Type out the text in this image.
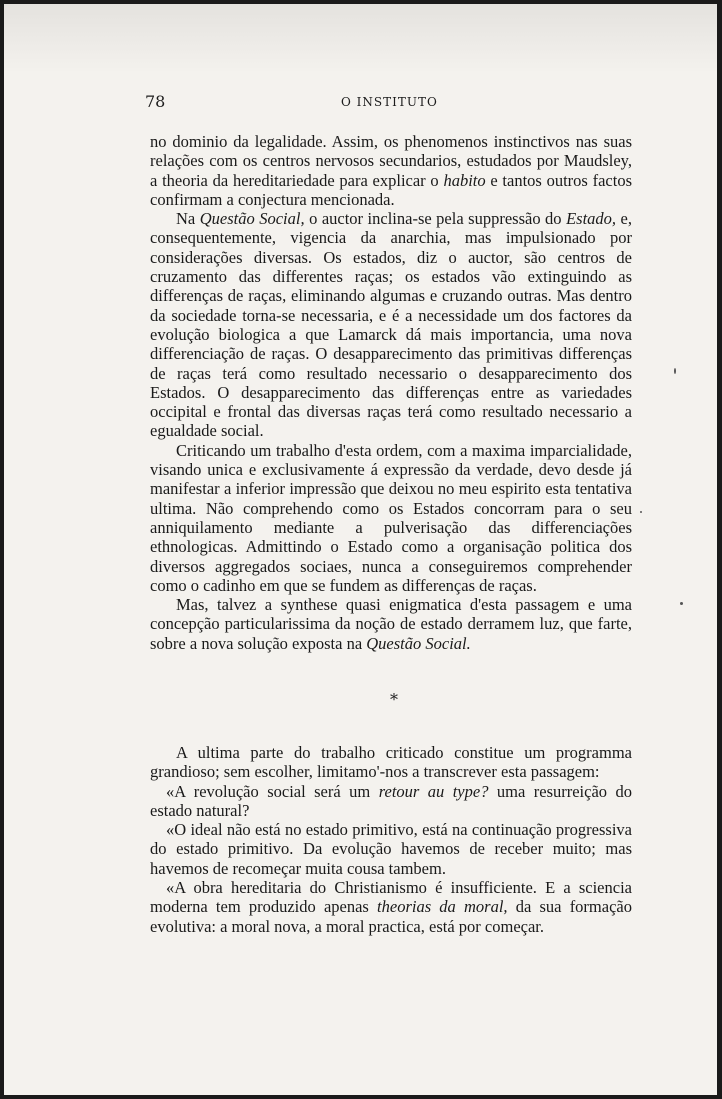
78	O INSTITUTO

no dominio da legalidade. Assim, os phenomenos instinctivos nas suas relações com os centros nervosos secundarios, estudados por Maudsley, a theoria da hereditariedade para explicar o habito e tantos outros factos confirmam a conjectura mencionada.

Na Questão Social, o auctor inclina-se pela suppressão do Estado, e, consequentemente, vigencia da anarchia, mas impulsionado por considerações diversas. Os estados, diz o auctor, são centros de cruzamento das differentes raças; os estados vão extinguindo as differenças de raças, eliminando algumas e cruzando outras. Mas dentro da sociedade torna-se necessaria, e é a necessidade um dos factores da evolução biologica a que Lamarck dá mais importancia, uma nova differenciação de raças. O desapparecimento das primitivas differenças de raças terá como resultado necessario o desapparecimento dos Estados. O desapparecimento das differenças entre as variedades occipital e frontal das diversas raças terá como resultado necessario a egualdade social.

Criticando um trabalho d'esta ordem, com a maxima imparcialidade, visando unica e exclusivamente á expressão da verdade, devo desde já manifestar a inferior impressão que deixou no meu espirito esta tentativa ultima. Não comprehendo como os Estados concorram para o seu anniquilamento mediante a pulverisação das differenciações ethnologicas. Admittindo o Estado como a organisação politica dos diversos aggregados sociaes, nunca a conseguiremos comprehender como o cadinho em que se fundem as differenças de raças.

Mas, talvez a synthese quasi enigmatica d'esta passagem e uma concepção particularissima da noção de estado derramem luz, que farte, sobre a nova solução exposta na Questão Social.

*

A ultima parte do trabalho criticado constitue um programma grandioso; sem escolher, limitamo'-nos a transcrever esta passagem:

«A revolução social será um retour au type? uma resurreição do estado natural?

«O ideal não está no estado primitivo, está na continuação progressiva do estado primitivo. Da evolução havemos de receber muito; mas havemos de recomeçar muita cousa tambem.

«A obra hereditaria do Christianismo é insufficiente. E a sciencia moderna tem produzido apenas theorias da moral, da sua formação evolutiva: a moral nova, a moral practica, está por começar.
